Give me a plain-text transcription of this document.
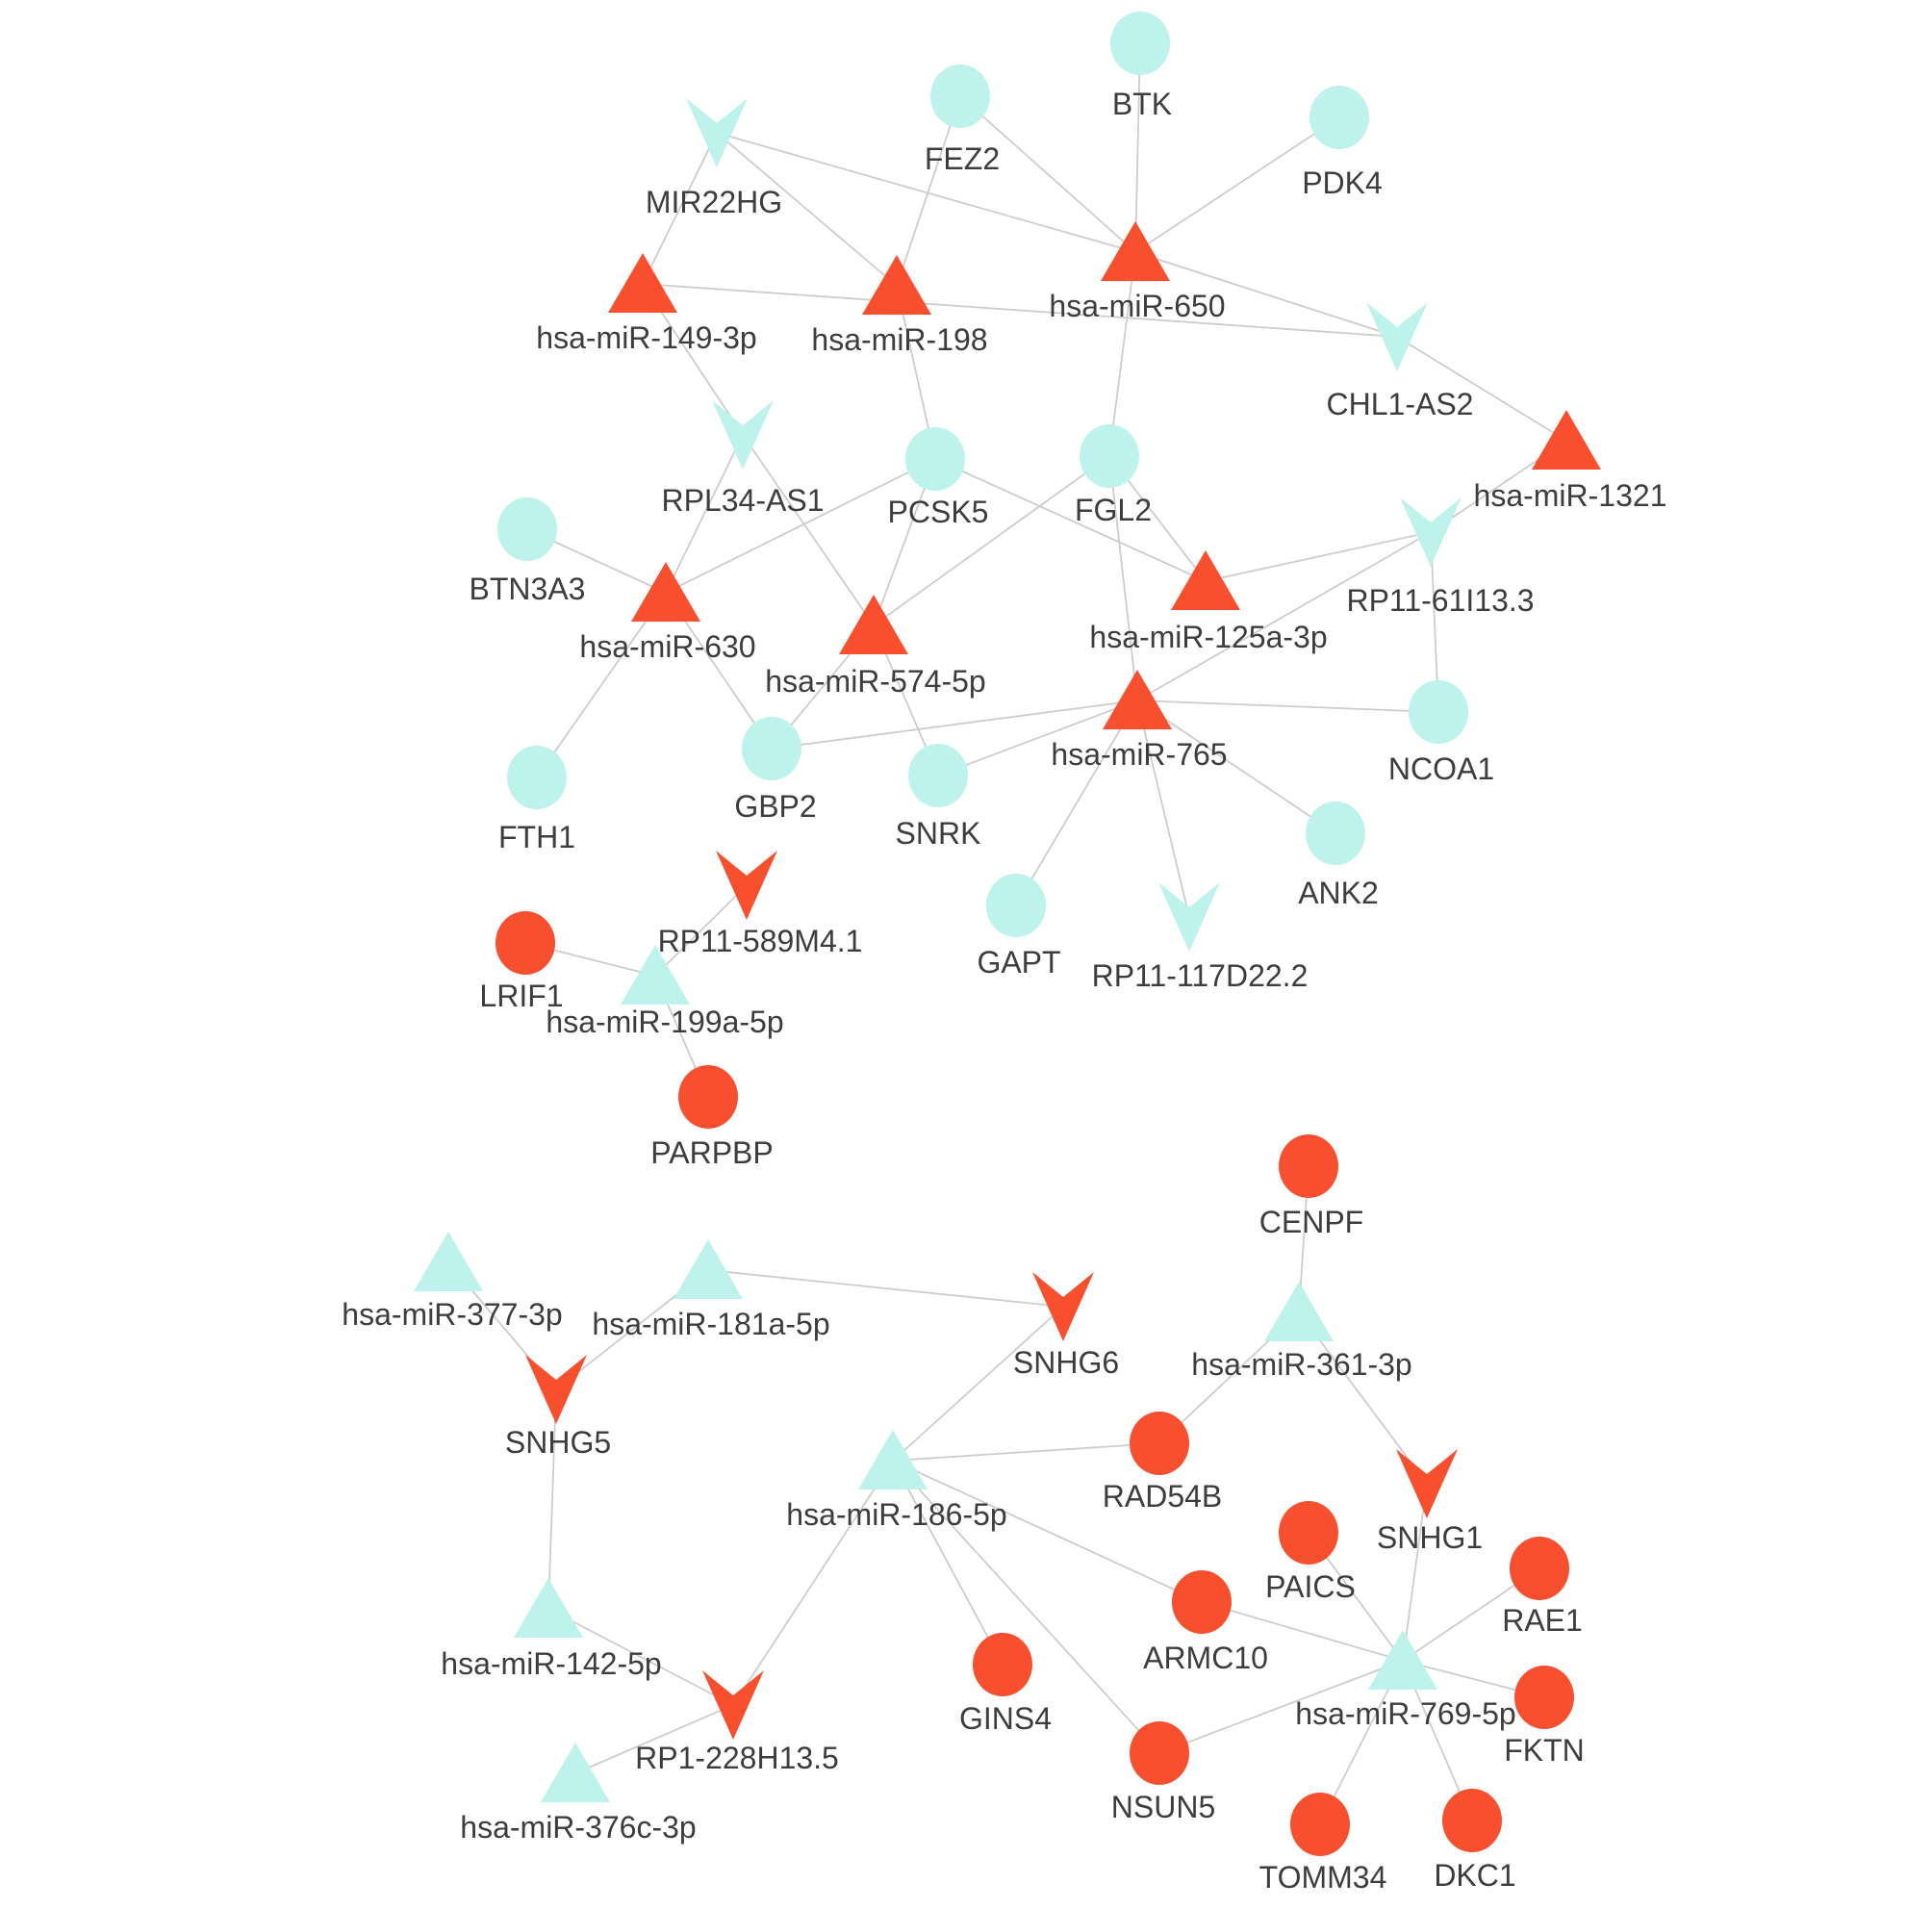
BTK
FEZ2
PDK4
MIR22HG
hsa-miR-650
hsa-miR-198
hsa-miR-149-3p
CHL1-AS2
hsa-miR-1321
RPL34-AS1 PCSK5	FGL2
RP11-61I13.3
BTN3A3
hsa-miR-630
hsa-miR-574-5p
hsa-miR-125a-3p
hsa-miR-765	NCOA1
FTH1
GBP2
SNRK
ANK2
GAPT RP11-117D22.2
LRIF1
RP11-589M4.1
hsa-miR-199a-5p
PARPBP
CENPF
hsa-miR-361-3p
hsa-miR-377-3p hsa-miR-181a-5p
SNHG6
SNHG5
RAD54B
PAICS
SNHG1
RAE1
hsa-miR-186-5p
hsa-miR-142-5p	ARMC10
hsa-miR-769-5p
FKTN
GINS4
RP1-228H13.5
hsa-miR-376c-3p
NSUN5
TOMM34 DKC1
